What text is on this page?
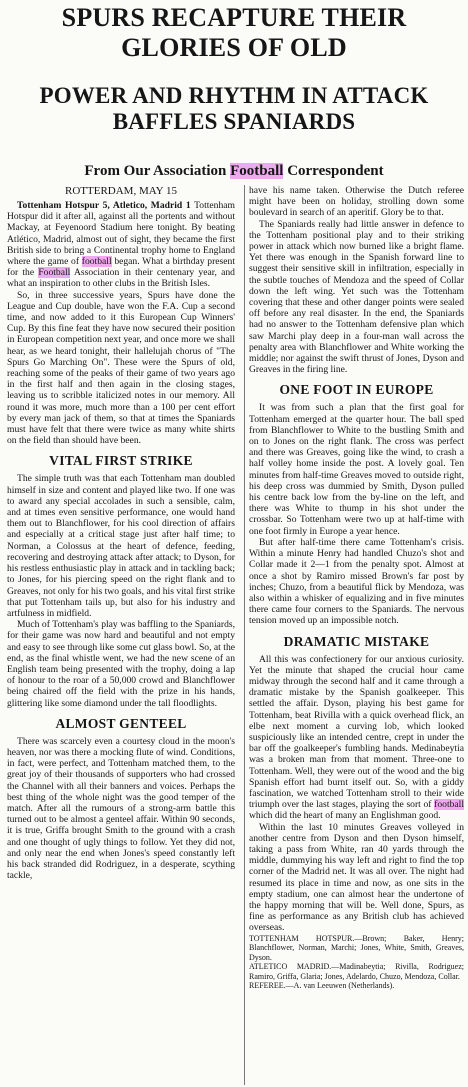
SPURS RECAPTURE THEIR
GLORIES OF OLD
POWER AND RHYTHM IN ATTACK
BAFFLES SPANIARDS
From Our Association Football Correspondent
ROTTERDAM, MAY 15

Tottenham Hotspur 5, Atletico, Madrid 1 Tottenham Hotspur did it after all, against all the portents and without Mackay, at Feyenoord Stadium here tonight. By beating Atlético, Madrid, almost out of sight, they became the first British side to bring a Continental trophy home to England where the game of football began. What a birthday present for the Football Association in their centenary year, and what an inspiration to other clubs in the British Isles.

So, in three successive years, Spurs have done the League and Cup double, have won the F.A. Cup a second time, and now added to it this European Cup Winners' Cup. By this fine feat they have now secured their position in European competition next year, and once more we shall hear, as we heard tonight, their hallelujah chorus of "The Spurs Go Marching On". These were the Spurs of old, reaching some of the peaks of their game of two years ago in the first half and then again in the closing stages, leaving us to scribble italicized notes in our memory. All round it was more, much more than a 100 per cent effort by every man jack of them, so that at times the Spaniards must have felt that there were twice as many white shirts on the field than should have been.

VITAL FIRST STRIKE

The simple truth was that each Tottenham man doubled himself in size and content and played like two. If one was to award any special accolades in such a sensible, calm, and at times even sensitive performance, one would hand them out to Blanchflower, for his cool direction of affairs and especially at a critical stage just after half time; to Norman, a Colossus at the heart of defence, feeding, recovering and destroying attack after attack; to Dyson, for his restless enthusiastic play in attack and in tackling back; to Jones, for his piercing speed on the right flank and to Greaves, not only for his two goals, and his vital first strike that put Tottenham tails up, but also for his industry and artfulness in midfield.

Much of Tottenham's play was baffling to the Spaniards, for their game was now hard and beautiful and not empty and easy to see through like some cut glass bowl. So, at the end, as the final whistle went, we had the new scene of an English team being presented with the trophy, doing a lap of honour to the roar of a 50,000 crowd and Blanchflower being chaired off the field with the prize in his hands, glittering like some diamond under the tall floodlights.

ALMOST GENTEEL

There was scarcely even a courtesy cloud in the moon's heaven, nor was there a mocking flute of wind. Conditions, in fact, were perfect, and Tottenham matched them, to the great joy of their thousands of supporters who had crossed the Channel with all their banners and voices. Perhaps the best thing of the whole night was the good temper of the match. After all the rumours of a strong-arm battle this turned out to be almost a genteel affair. Within 90 seconds, it is true, Griffa brought Smith to the ground with a crash and one thought of ugly things to follow. Yet they did not, and only near the end when Jones's speed constantly left his back stranded did Rodriguez, in a desperate, scything tackle,

have his name taken. Otherwise the Dutch referee might have been on holiday, strolling down some boulevard in search of an aperitif. Glory be to that.

The Spaniards really had little answer in defence to the Tottenham positional play and to their striking power in attack which now burned like a bright flame. Yet there was enough in the Spanish forward line to suggest their sensitive skill in infiltration, especially in the subtle touches of Mendoza and the speed of Collar down the left wing. Yet such was the Tottenham covering that these and other danger points were sealed off before any real disaster. In the end, the Spaniards had no answer to the Tottenham defensive plan which saw Marchi play deep in a four-man wall across the penalty area with Blanchflower and White working the middle; nor against the swift thrust of Jones, Dyson and Greaves in the firing line.

ONE FOOT IN EUROPE

It was from such a plan that the first goal for Tottenham emerged at the quarter hour. The ball sped from Blanchflower to White to the bustling Smith and on to Jones on the right flank. The cross was perfect and there was Greaves, going like the wind, to crash a half volley home inside the post. A lovely goal. Ten minutes from half-time Greaves moved to outside right, his deep cross was dummied by Smith, Dyson pulled his centre back low from the by-line on the left, and there was White to thump in his shot under the crossbar. So Tottenham were two up at half-time with one foot firmly in Europe a year hence.

But after half-time there came Tottenham's crisis. Within a minute Henry had handled Chuzo's shot and Collar made it 2—1 from the penalty spot. Almost at once a shot by Ramiro missed Brown's far post by inches; Chuzo, from a beautiful flick by Mendoza, was also within a whisker of equalizing and in five minutes there came four corners to the Spaniards. The nervous tension moved up an impossible notch.

DRAMATIC MISTAKE

All this was confectionery for our anxious curiosity. Yet the minute that shaped the crucial hour came midway through the second half and it came through a dramatic mistake by the Spanish goalkeeper. This settled the affair. Dyson, playing his best game for Tottenham, beat Rivilla with a quick overhead flick, an elbe next moment a curving lob, which looked suspiciously like an intended centre, crept in under the bar off the goalkeeper's fumbling hands. Medinabeytia was a broken man from that moment. Three-one to Tottenham. Well, they were out of the wood and the big Spanish effort had burnt itself out. So, with a giddy fascination, we watched Tottenham stroll to their wide triumph over the last stages, playing the sort of football which did the heart of many an Englishman good.

Within the last 10 minutes Greaves volleyed in another centre from Dyson and then Dyson himself, taking a pass from White, ran 40 yards through the middle, dummying his way left and right to find the top corner of the Madrid net. It was all over. The night had resumed its place in time and now, as one sits in the empty stadium, one can almost hear the undertone of the happy morning that will be. Well done, Spurs, as fine as performance as any British club has achieved overseas.

TOTTENHAM HOTSPUR.—Brown; Baker, Henry; Blanchflower, Norman, Marchi; Jones, White, Smith, Greaves, Dyson.

ATLETICO MADRID.—Madinabeytia; Rivilla, Rodriguez; Ramiro, Griffa, Glaria; Jones, Adelardo, Chuzo, Mendoza, Collar.

REFEREE.—A. van Leeuwen (Netherlands).
